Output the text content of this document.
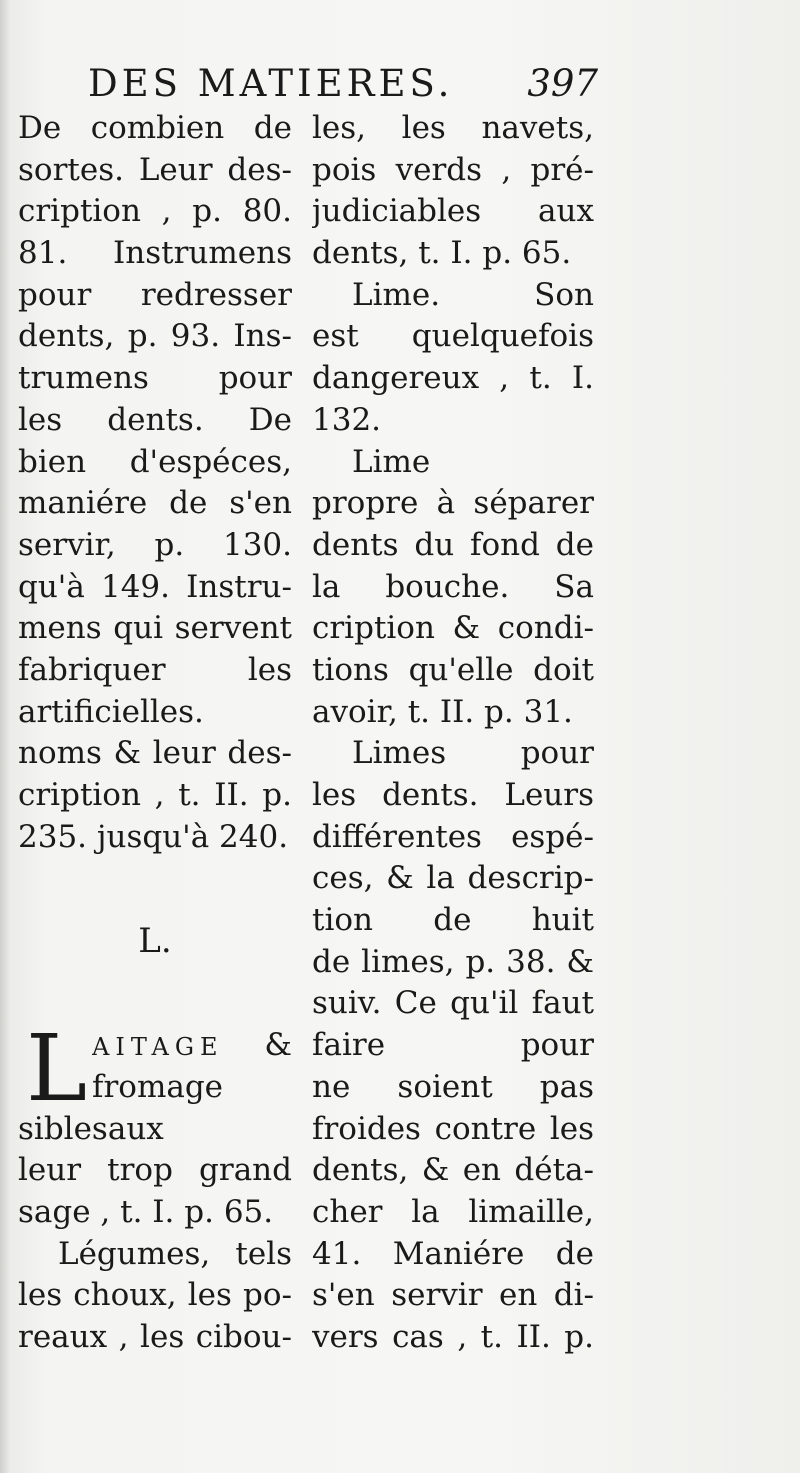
DES MATIERES. 397
De combien de
sortes. Leur des-
cription , p. 80.
81. Instrumens
pour redresser
dents, p. 93. Ins-
trumens pour
les dents. De
bien d'espéces,
maniére de s'en
servir, p. 130.
qu'à 149. Instru-
mens qui servent
fabriquer les
artificielles.
noms & leur des-
cription , t. II. p.
235. jusqu'à 240.
L.
L AITAGE &
fromage
siblesaux
leur trop grand
sage , t. I. p. 65.
Légumes, tels
les choux, les po-
reaux , les cibou-
les, les navets,
pois verds , pré-
judiciables aux
dents, t. I. p. 65.
Lime. Son
est quelquefois
dangereux , t. I.
132.
Lime
propre à séparer
dents du fond de
la bouche. Sa
cription & condi-
tions qu'elle doit
avoir, t. II. p. 31.
Limes pour
les dents. Leurs
différentes espé-
ces, & la descrip-
tion de huit
de limes, p. 38. &
suiv. Ce qu'il faut
faire pour
ne soient pas
froides contre les
dents, & en déta-
cher la limaille,
41. Maniére de
s'en servir en di-
vers cas , t. II. p.
